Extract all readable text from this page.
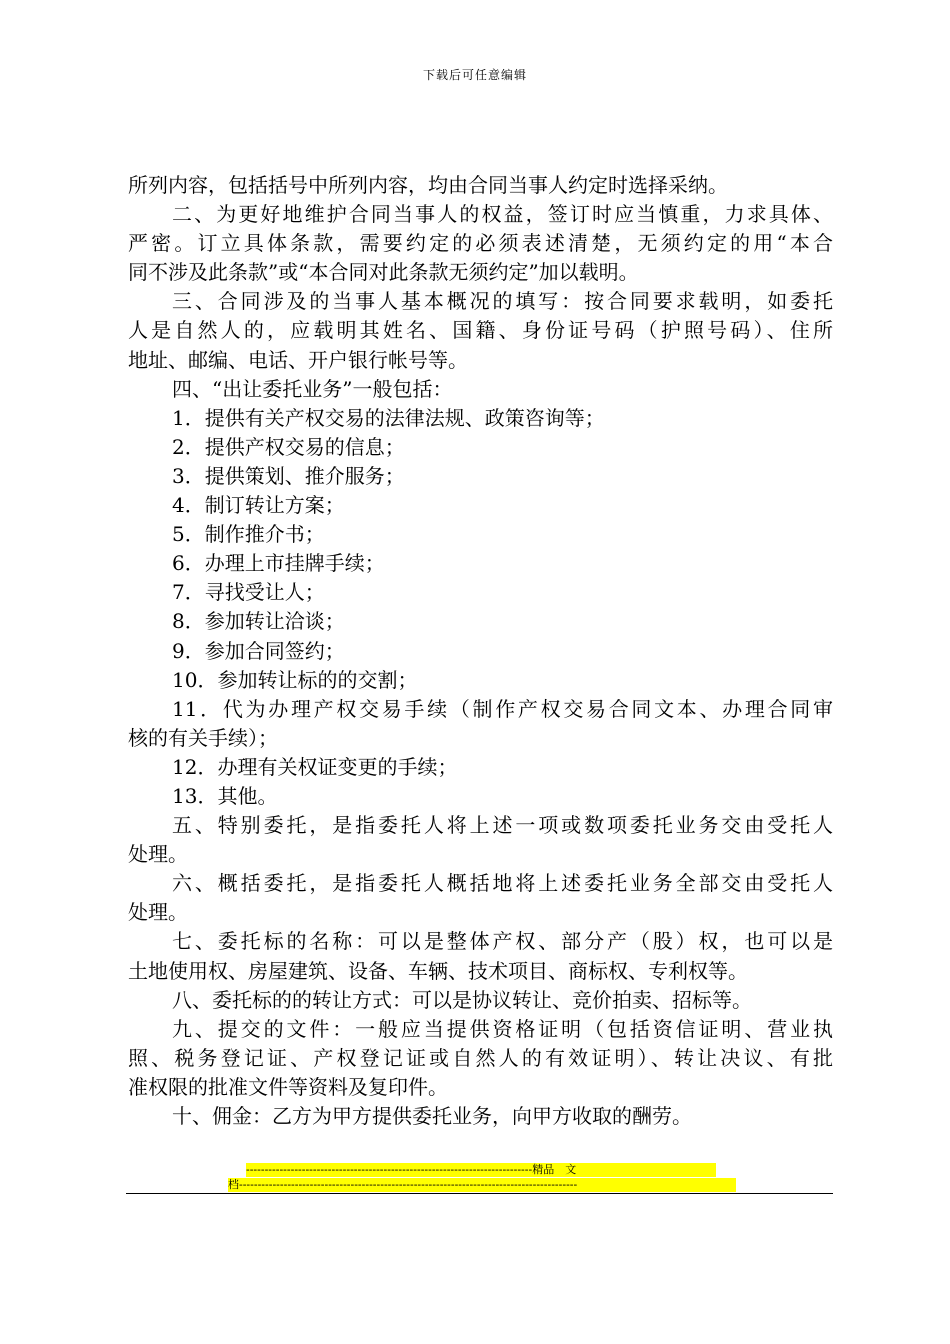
下载后可任意编辑
所列内容，包括括号中所列内容，均由合同当事人约定时选择采纳。
二、为更好地维护合同当事人的权益，签订时应当慎重，力求具体、
严密。订立具体条款，需要约定的必须表述清楚，无须约定的用“本合
同不涉及此条款”或“本合同对此条款无须约定”加以载明。
三、合同涉及的当事人基本概况的填写：按合同要求载明，如委托
人是自然人的，应载明其姓名、国籍、身份证号码（护照号码）、住所
地址、邮编、电话、开户银行帐号等。
四、“出让委托业务”一般包括：
1．提供有关产权交易的法律法规、政策咨询等；
2．提供产权交易的信息；
3．提供策划、推介服务；
4．制订转让方案；
5．制作推介书；
6．办理上市挂牌手续；
7．寻找受让人；
8．参加转让洽谈；
9．参加合同签约；
10．参加转让标的的交割；
11．代为办理产权交易手续（制作产权交易合同文本、办理合同审
核的有关手续）；
12．办理有关权证变更的手续；
13．其他。
五、特别委托，是指委托人将上述一项或数项委托业务交由受托人
处理。
六、概括委托，是指委托人概括地将上述委托业务全部交由受托人
处理。
七、委托标的名称：可以是整体产权、部分产（股）权，也可以是
土地使用权、房屋建筑、设备、车辆、技术项目、商标权、专利权等。
八、委托标的的转让方式：可以是协议转让、竞价拍卖、招标等。
九、提交的文件：一般应当提供资格证明（包括资信证明、营业执
照、税务登记证、产权登记证或自然人的有效证明）、转让决议、有批
准权限的批准文件等资料及复印件。
十、佣金：乙方为甲方提供委托业务，向甲方收取的酬劳。
-----------------------------------------------------------------------------精品　文
档-------------------------------------------------------------------------------------------
